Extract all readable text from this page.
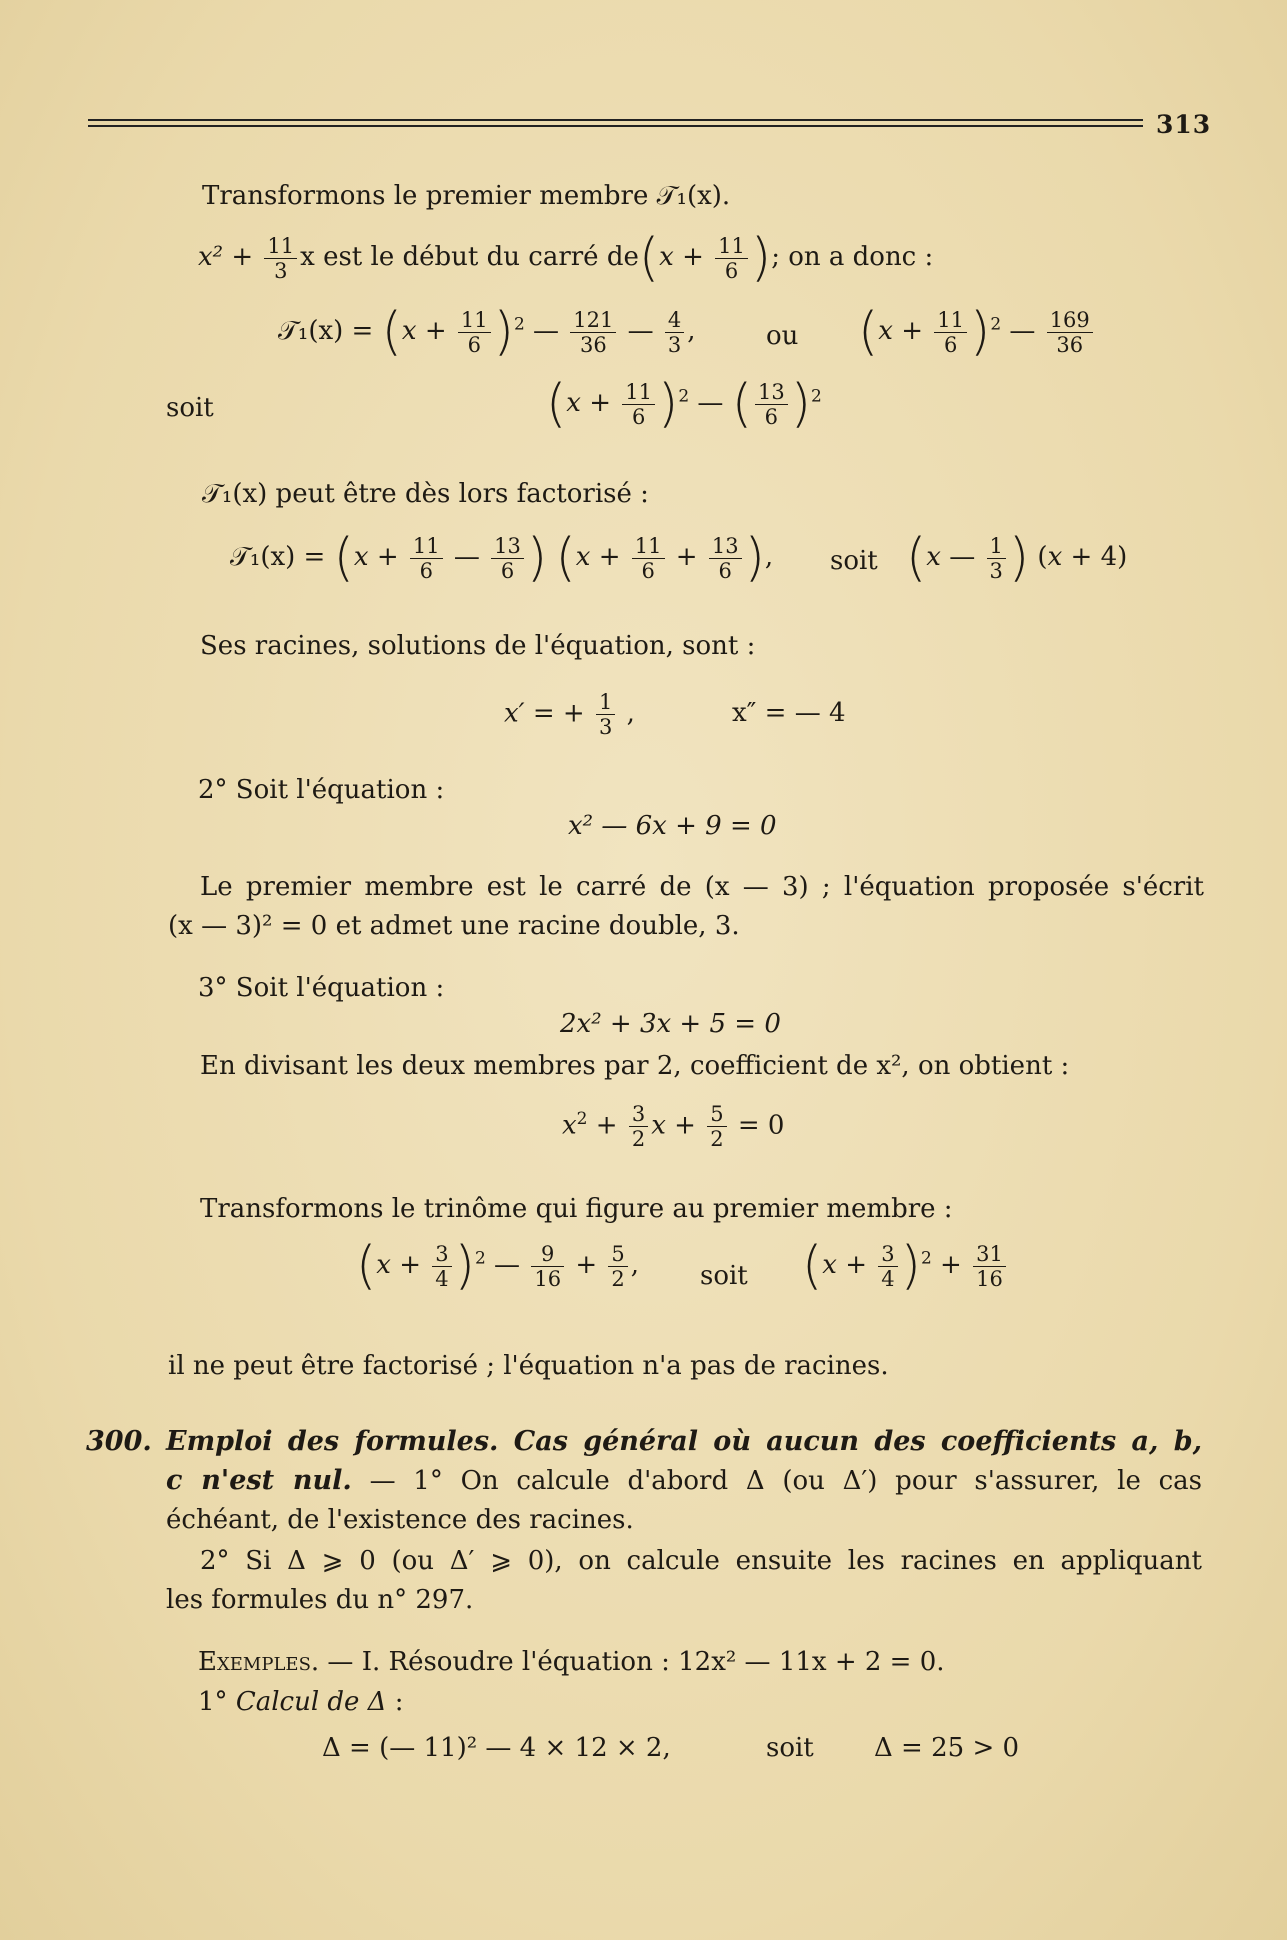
313
Transformons le premier membre 𝒯₁(x).
$x^2 + \frac{11}{3}$ x est le début du carré $de(x + \frac{11}{6}$ ); on a donc :
𝒯₁(x) = $(x + \frac{11}{6} )^2$ — $\frac{121}{36}$ — $\frac{4}{3}$ ,	ou $(x + \frac{11}{6} )^2$ — $\frac{169}{36}$
soit	$(x + \frac{11}{6} )^2$ — ( $\frac{13}{6} )^2$
𝒯₁(x) peut être dès lors factorisé :
𝒯₁(x) = ($x + \frac{11}{6}$ — $\frac{13}{6}$ ) ($x + \frac{11}{6} + \frac{13}{6}$ ), soit (x — $\frac{1}{3}$ ) (x + 4)
Ses racines, solutions de l'équation, sont :
x′ = + $\frac{1}{3}$ ,	x″ = — 4
2° Soit l'équation :
x² — 6x + 9 = 0
Le premier membre est le carré de (x — 3) ; l'équation proposée s'écrit
(x — 3)² = 0 et admet une racine double, 3.
3° Soit l'équation :
2x² + 3x + 5 = 0
En divisant les deux membres par 2, coefficient de x², on obtient :
$x^2 + \frac{3}{2}$ $x + \frac{5}{2} = 0$
Transformons le trinôme qui figure au premier membre :
$(x + \frac{3}{4} )^2$ — $\frac{9}{16} + \frac{5}{2}$ , soit $(x + \frac{3}{4} )^2 + \frac{31}{16}$
il ne peut être factorisé ; l'équation n'a pas de racines.
300. Emploi des formules. Cas général où aucun des coefficients a, b,
c n'est nul. — 1° On calcule d'abord Δ (ou Δ′) pour s'assurer, le cas
échéant, de l'existence des racines.
2° Si Δ ⩾ 0 (ou Δ′ ⩾ 0), on calcule ensuite les racines en appliquant
les formules du n° 297.
Exemples. — I. Résoudre l'équation : 12x² — 11x + 2 = 0.
1° Calcul de Δ :
Δ = (— 11)² — 4 × 12 × 2,	soit Δ = 25 > 0
